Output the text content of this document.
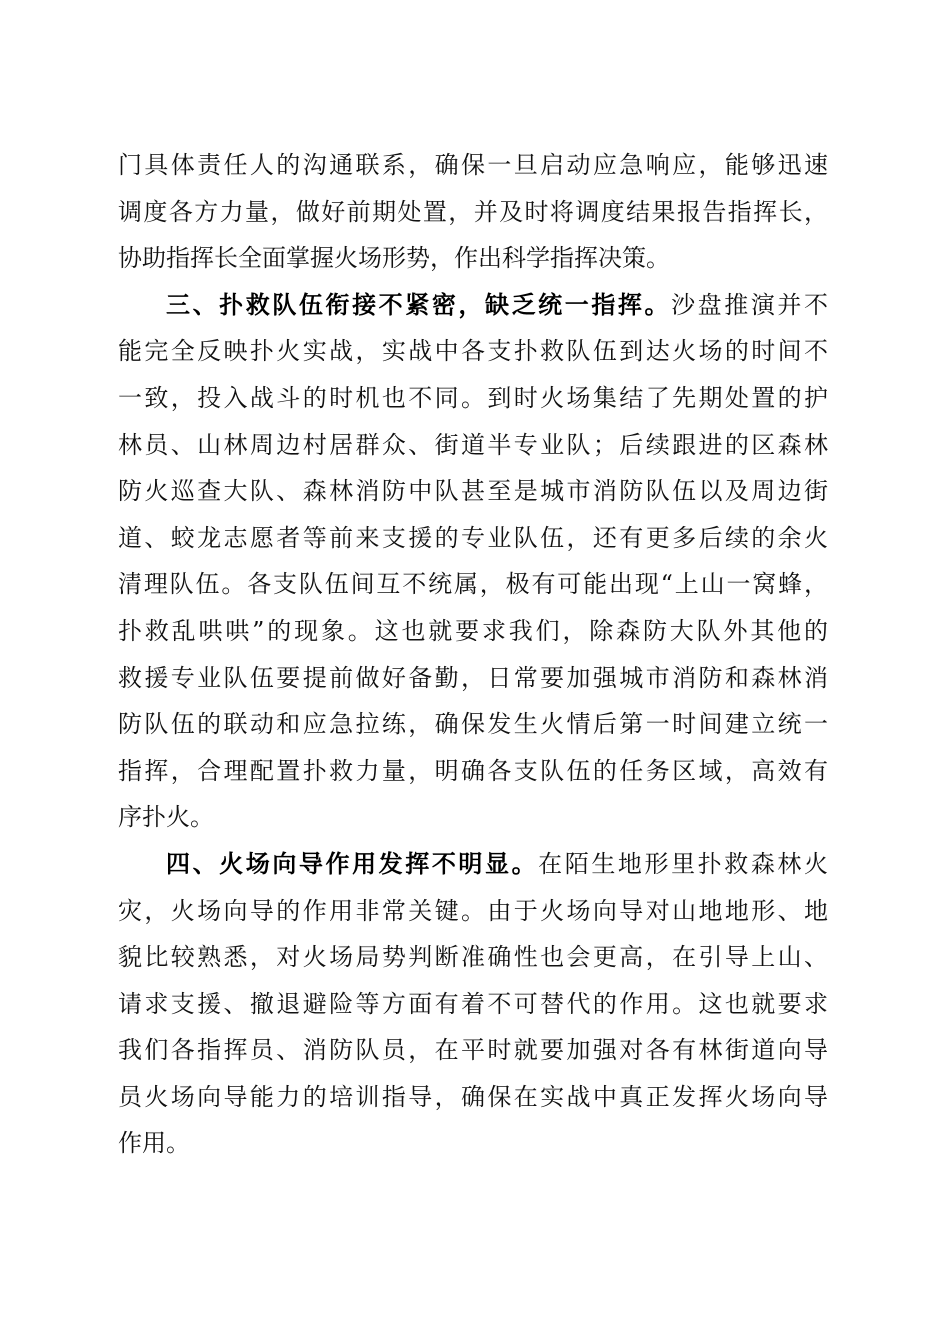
门具体责任人的沟通联系，确保一旦启动应急响应，能够迅速
调度各方力量，做好前期处置，并及时将调度结果报告指挥长，
协助指挥长全面掌握火场形势，作出科学指挥决策。
三、扑救队伍衔接不紧密，缺乏统一指挥。沙盘推演并不
能完全反映扑火实战，实战中各支扑救队伍到达火场的时间不
一致，投入战斗的时机也不同。到时火场集结了先期处置的护
林员、山林周边村居群众、街道半专业队；后续跟进的区森林
防火巡查大队、森林消防中队甚至是城市消防队伍以及周边街
道、蛟龙志愿者等前来支援的专业队伍，还有更多后续的余火
清理队伍。各支队伍间互不统属，极有可能出现“上山一窝蜂，
扑救乱哄哄”的现象。这也就要求我们，除森防大队外其他的
救援专业队伍要提前做好备勤，日常要加强城市消防和森林消
防队伍的联动和应急拉练，确保发生火情后第一时间建立统一
指挥，合理配置扑救力量，明确各支队伍的任务区域，高效有
序扑火。
四、火场向导作用发挥不明显。在陌生地形里扑救森林火
灾，火场向导的作用非常关键。由于火场向导对山地地形、地
貌比较熟悉，对火场局势判断准确性也会更高，在引导上山、
请求支援、撤退避险等方面有着不可替代的作用。这也就要求
我们各指挥员、消防队员，在平时就要加强对各有林街道向导
员火场向导能力的培训指导，确保在实战中真正发挥火场向导
作用。
